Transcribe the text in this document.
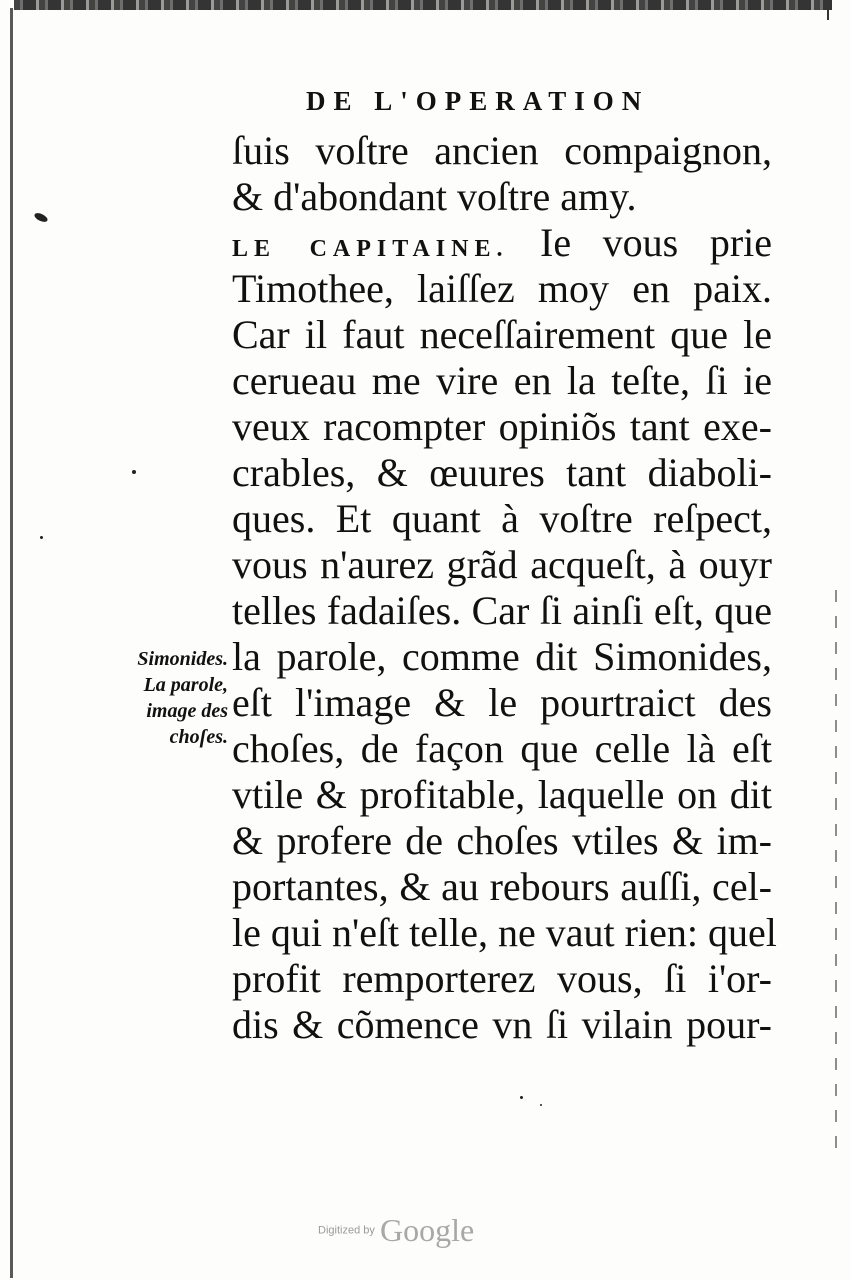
DE L'OPERATION
ſuis voſtre ancien compaignon,
& d'abondant voſtre amy.
LE CAPITAINE. Ie vous prie
Timothee, laiſſez moy en paix.
Car il faut neceſſairement que le
cerueau me vire en la teſte, ſi ie
veux racompter opiniõs tant exe-
crables, & œuures tant diaboli-
ques. Et quant à voſtre reſpect,
vous n'aurez grãd acqueſt, à ouyr
telles fadaiſes. Car ſi ainſi eſt, que
la parole, comme dit Simonides,
eſt l'image & le pourtraict des
choſes, de façon que celle là eſt
vtile & profitable, laquelle on dit
& profere de choſes vtiles & im-
portantes, & au rebours auſſi, cel-
le qui n'eſt telle, ne vaut rien: quel
profit remporterez vous, ſi i'or-
dis & cõmence vn ſi vilain pour-
Simonides.
La parole,
image des
choſes.
Digitized by Google
